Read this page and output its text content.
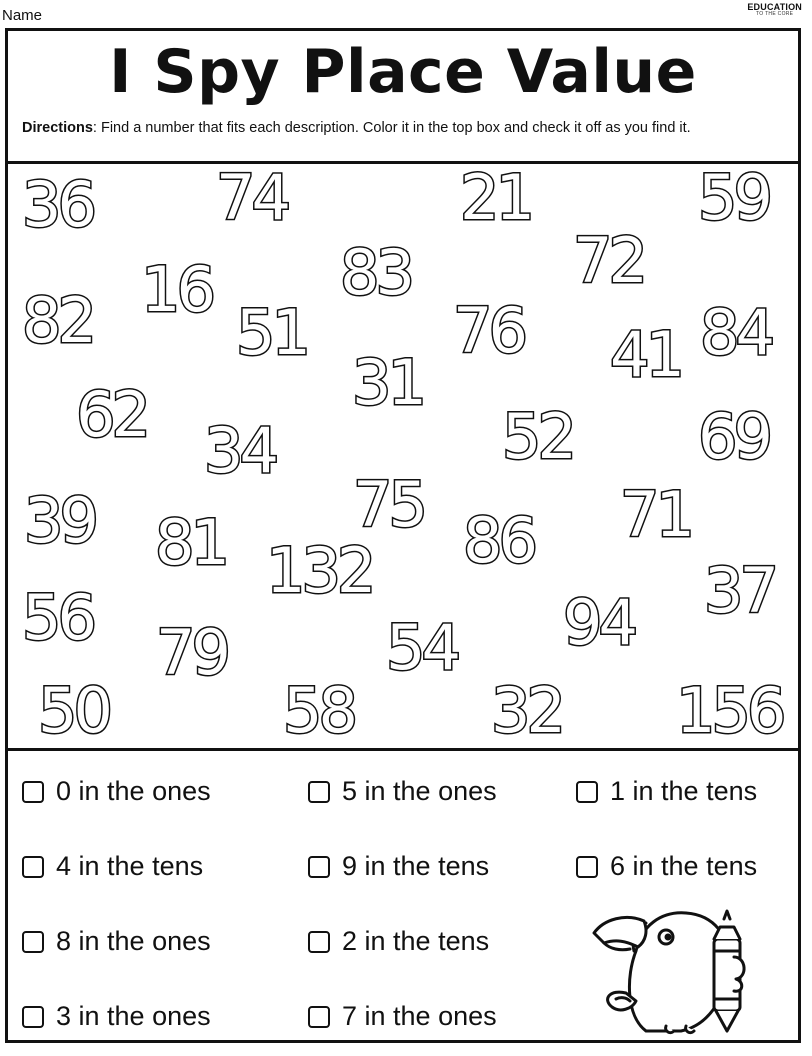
Name	EDUCATION
TO THE CORE
I Spy Place Value
Directions: Find a number that fits each description. Color it in the top box and check it off as you find it.
36 74	21
72
59
16 83
82 51 76 41 84
31
62 34	52 69
75
39 81	86 71
132
56	37
94
79	54
50	58 32 156
0 in the ones	5 in the ones	1 in the tens
4 in the tens	9 in the tens	6 in the tens
8 in the ones	2 in the tens
3 in the ones	7 in the ones
